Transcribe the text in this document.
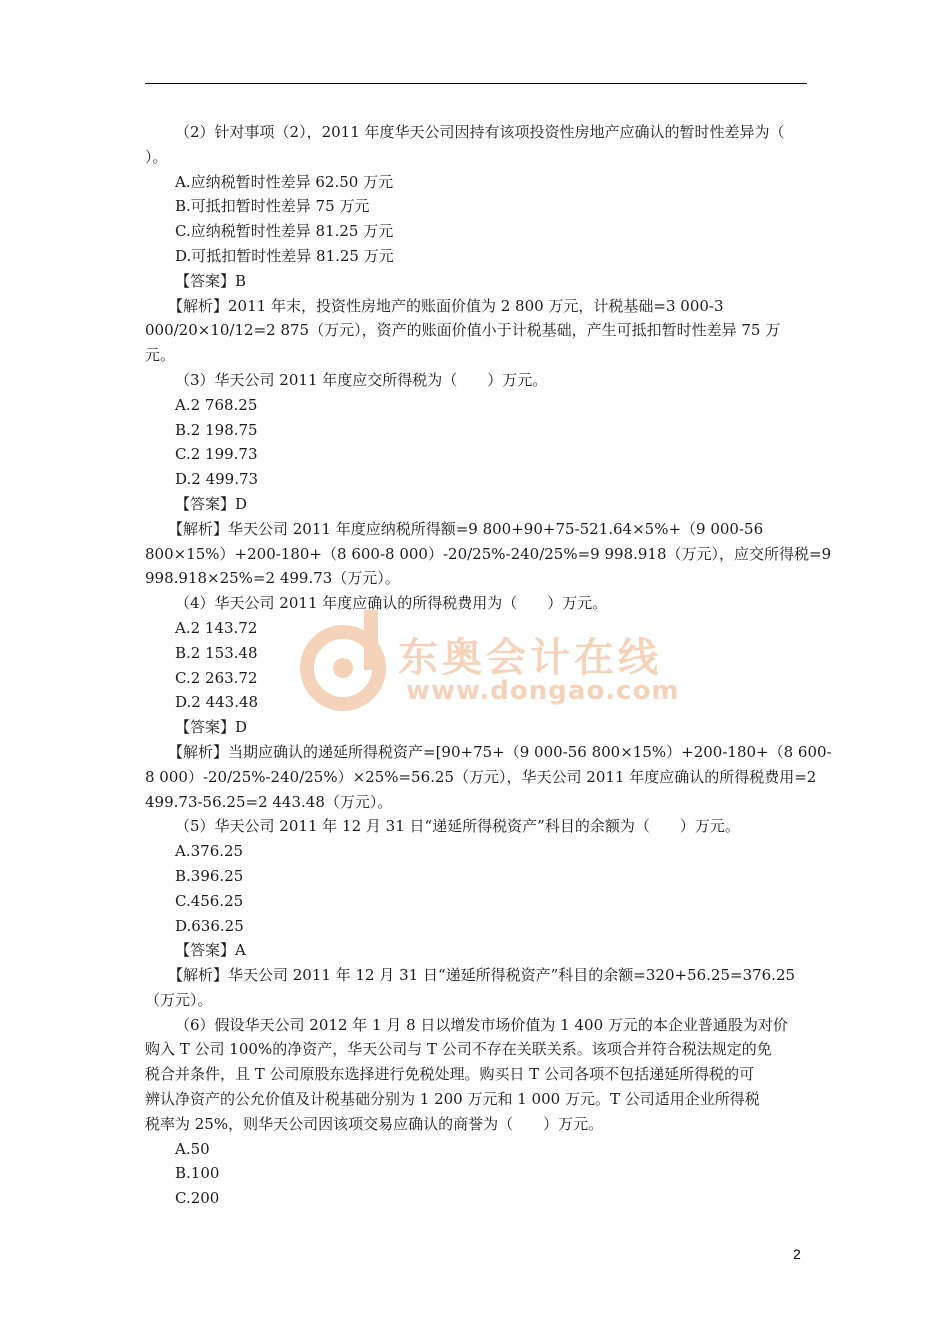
东奥会计在线
www.dongao.com

（2）针对事项（2），2011 年度华天公司因持有该项投资性房地产应确认的暂时性差异为（

）。

A.应纳税暂时性差异 62.50 万元

B.可抵扣暂时性差异 75 万元

C.应纳税暂时性差异 81.25 万元

D.可抵扣暂时性差异 81.25 万元

【答案】B

【解析】2011 年末，投资性房地产的账面价值为 2 800 万元，计税基础=3 000-3

000/20×10/12=2 875（万元），资产的账面价值小于计税基础，产生可抵扣暂时性差异 75 万

元。

（3）华天公司 2011 年度应交所得税为（　　）万元。

A.2 768.25

B.2 198.75

C.2 199.73

D.2 499.73

【答案】D

【解析】华天公司 2011 年度应纳税所得额=9 800+90+75-521.64×5%+（9 000-56

800×15%）+200-180+（8 600-8 000）-20/25%-240/25%=9 998.918（万元），应交所得税=9

998.918×25%=2 499.73（万元）。

（4）华天公司 2011 年度应确认的所得税费用为（　　）万元。

A.2 143.72

B.2 153.48

C.2 263.72

D.2 443.48

【答案】D

【解析】当期应确认的递延所得税资产=[90+75+（9 000-56 800×15%）+200-180+（8 600-

8 000）-20/25%-240/25%）×25%=56.25（万元），华天公司 2011 年度应确认的所得税费用=2

499.73-56.25=2 443.48（万元）。

（5）华天公司 2011 年 12 月 31 日“递延所得税资产”科目的余额为（　　）万元。

A.376.25

B.396.25

C.456.25

D.636.25

【答案】A

【解析】华天公司 2011 年 12 月 31 日“递延所得税资产”科目的余额=320+56.25=376.25

（万元）。

（6）假设华天公司 2012 年 1 月 8 日以增发市场价值为 1 400 万元的本企业普通股为对价

购入 T 公司 100%的净资产，华天公司与 T 公司不存在关联关系。该项合并符合税法规定的免

税合并条件，且 T 公司原股东选择进行免税处理。购买日 T 公司各项不包括递延所得税的可

辨认净资产的公允价值及计税基础分别为 1 200 万元和 1 000 万元。T 公司适用企业所得税

税率为 25%，则华天公司因该项交易应确认的商誉为（　　）万元。

A.50

B.100

C.200

2
